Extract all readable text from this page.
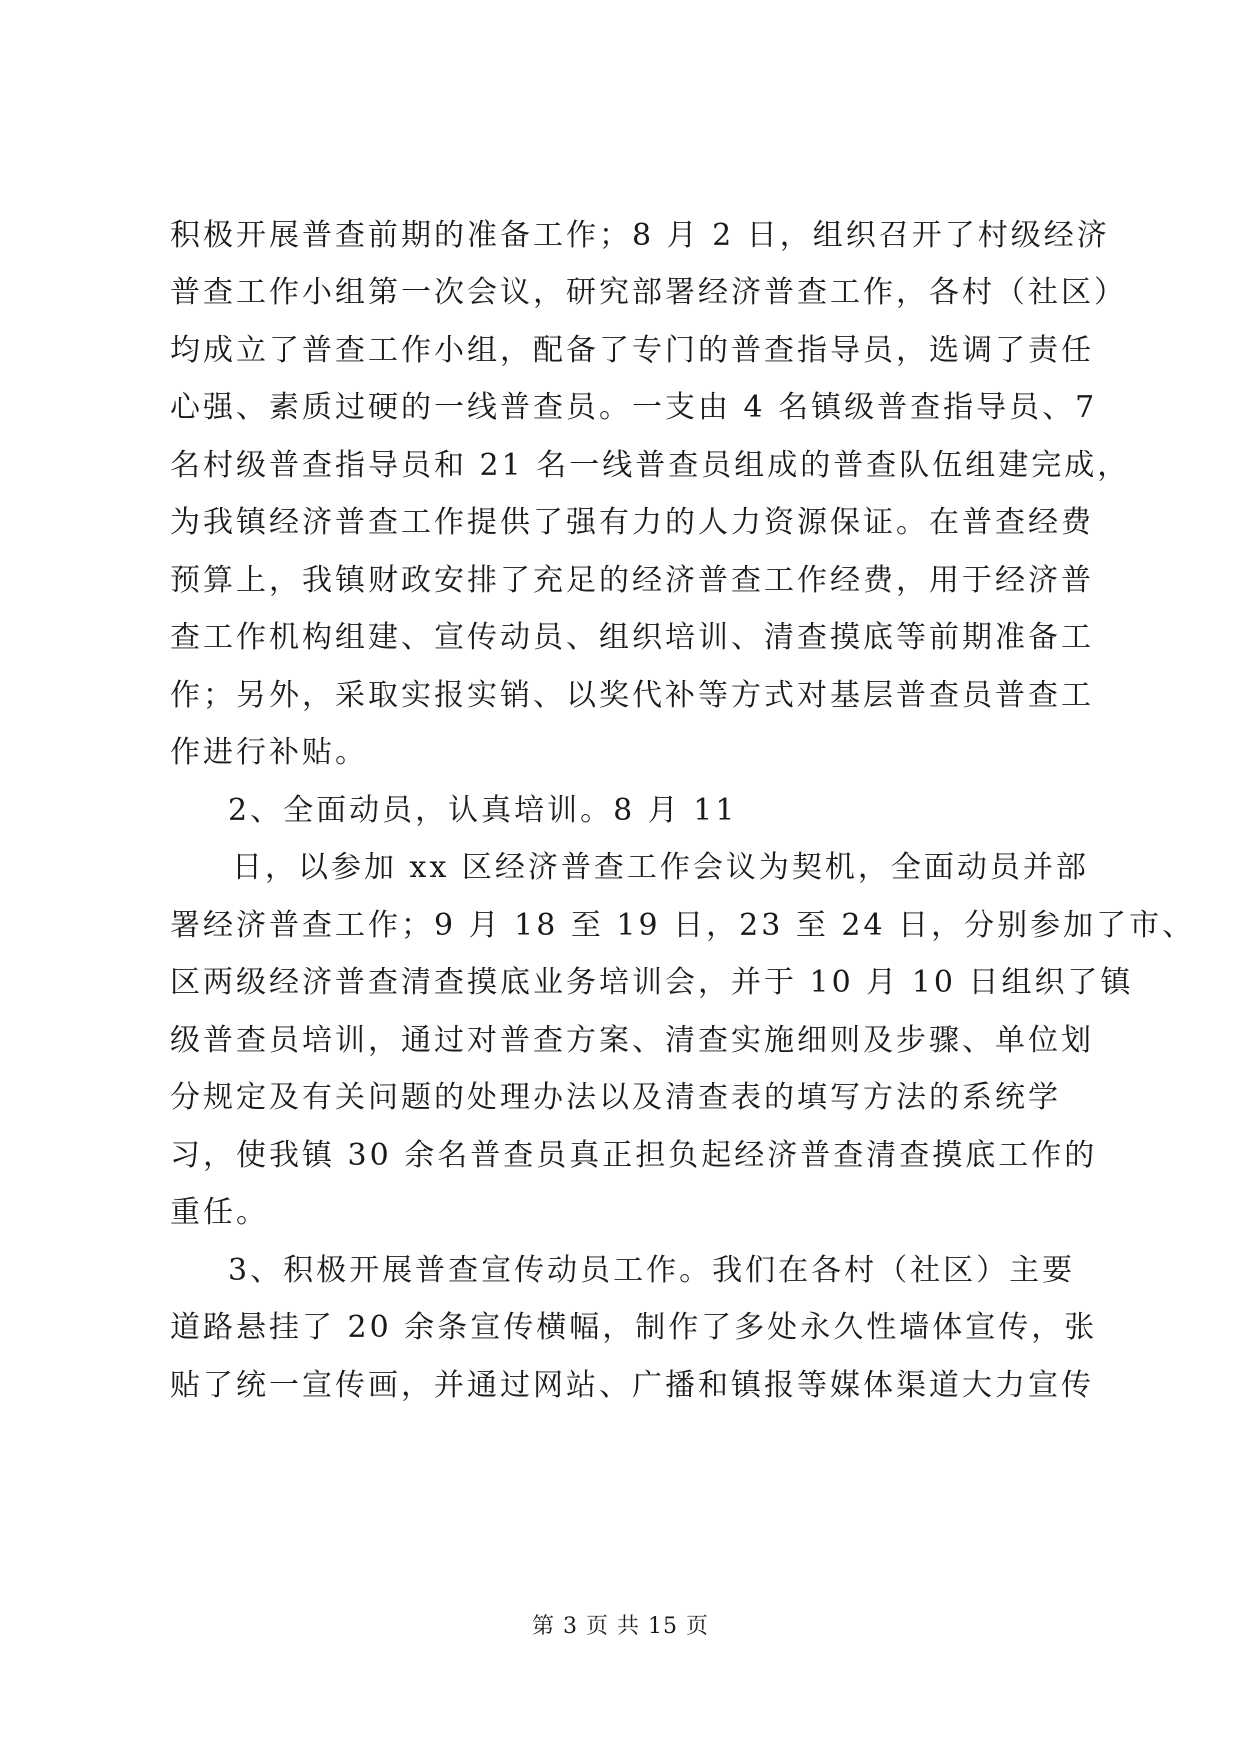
积极开展普查前期的准备工作；8 月 2 日，组织召开了村级经济
普查工作小组第一次会议，研究部署经济普查工作，各村（社区）
均成立了普查工作小组，配备了专门的普查指导员，选调了责任
心强、素质过硬的一线普查员。一支由 4 名镇级普查指导员、7
名村级普查指导员和 21 名一线普查员组成的普查队伍组建完成，
为我镇经济普查工作提供了强有力的人力资源保证。在普查经费
预算上，我镇财政安排了充足的经济普查工作经费，用于经济普
查工作机构组建、宣传动员、组织培训、清查摸底等前期准备工
作；另外，采取实报实销、以奖代补等方式对基层普查员普查工
作进行补贴。
2、全面动员，认真培训。8 月 11
日，以参加 xx 区经济普查工作会议为契机，全面动员并部
署经济普查工作；9 月 18 至 19 日，23 至 24 日，分别参加了市、
区两级经济普查清查摸底业务培训会，并于 10 月 10 日组织了镇
级普查员培训，通过对普查方案、清查实施细则及步骤、单位划
分规定及有关问题的处理办法以及清查表的填写方法的系统学
习，使我镇 30 余名普查员真正担负起经济普查清查摸底工作的
重任。
3、积极开展普查宣传动员工作。我们在各村（社区）主要
道路悬挂了 20 余条宣传横幅，制作了多处永久性墙体宣传，张
贴了统一宣传画，并通过网站、广播和镇报等媒体渠道大力宣传
第 3 页 共 15 页
